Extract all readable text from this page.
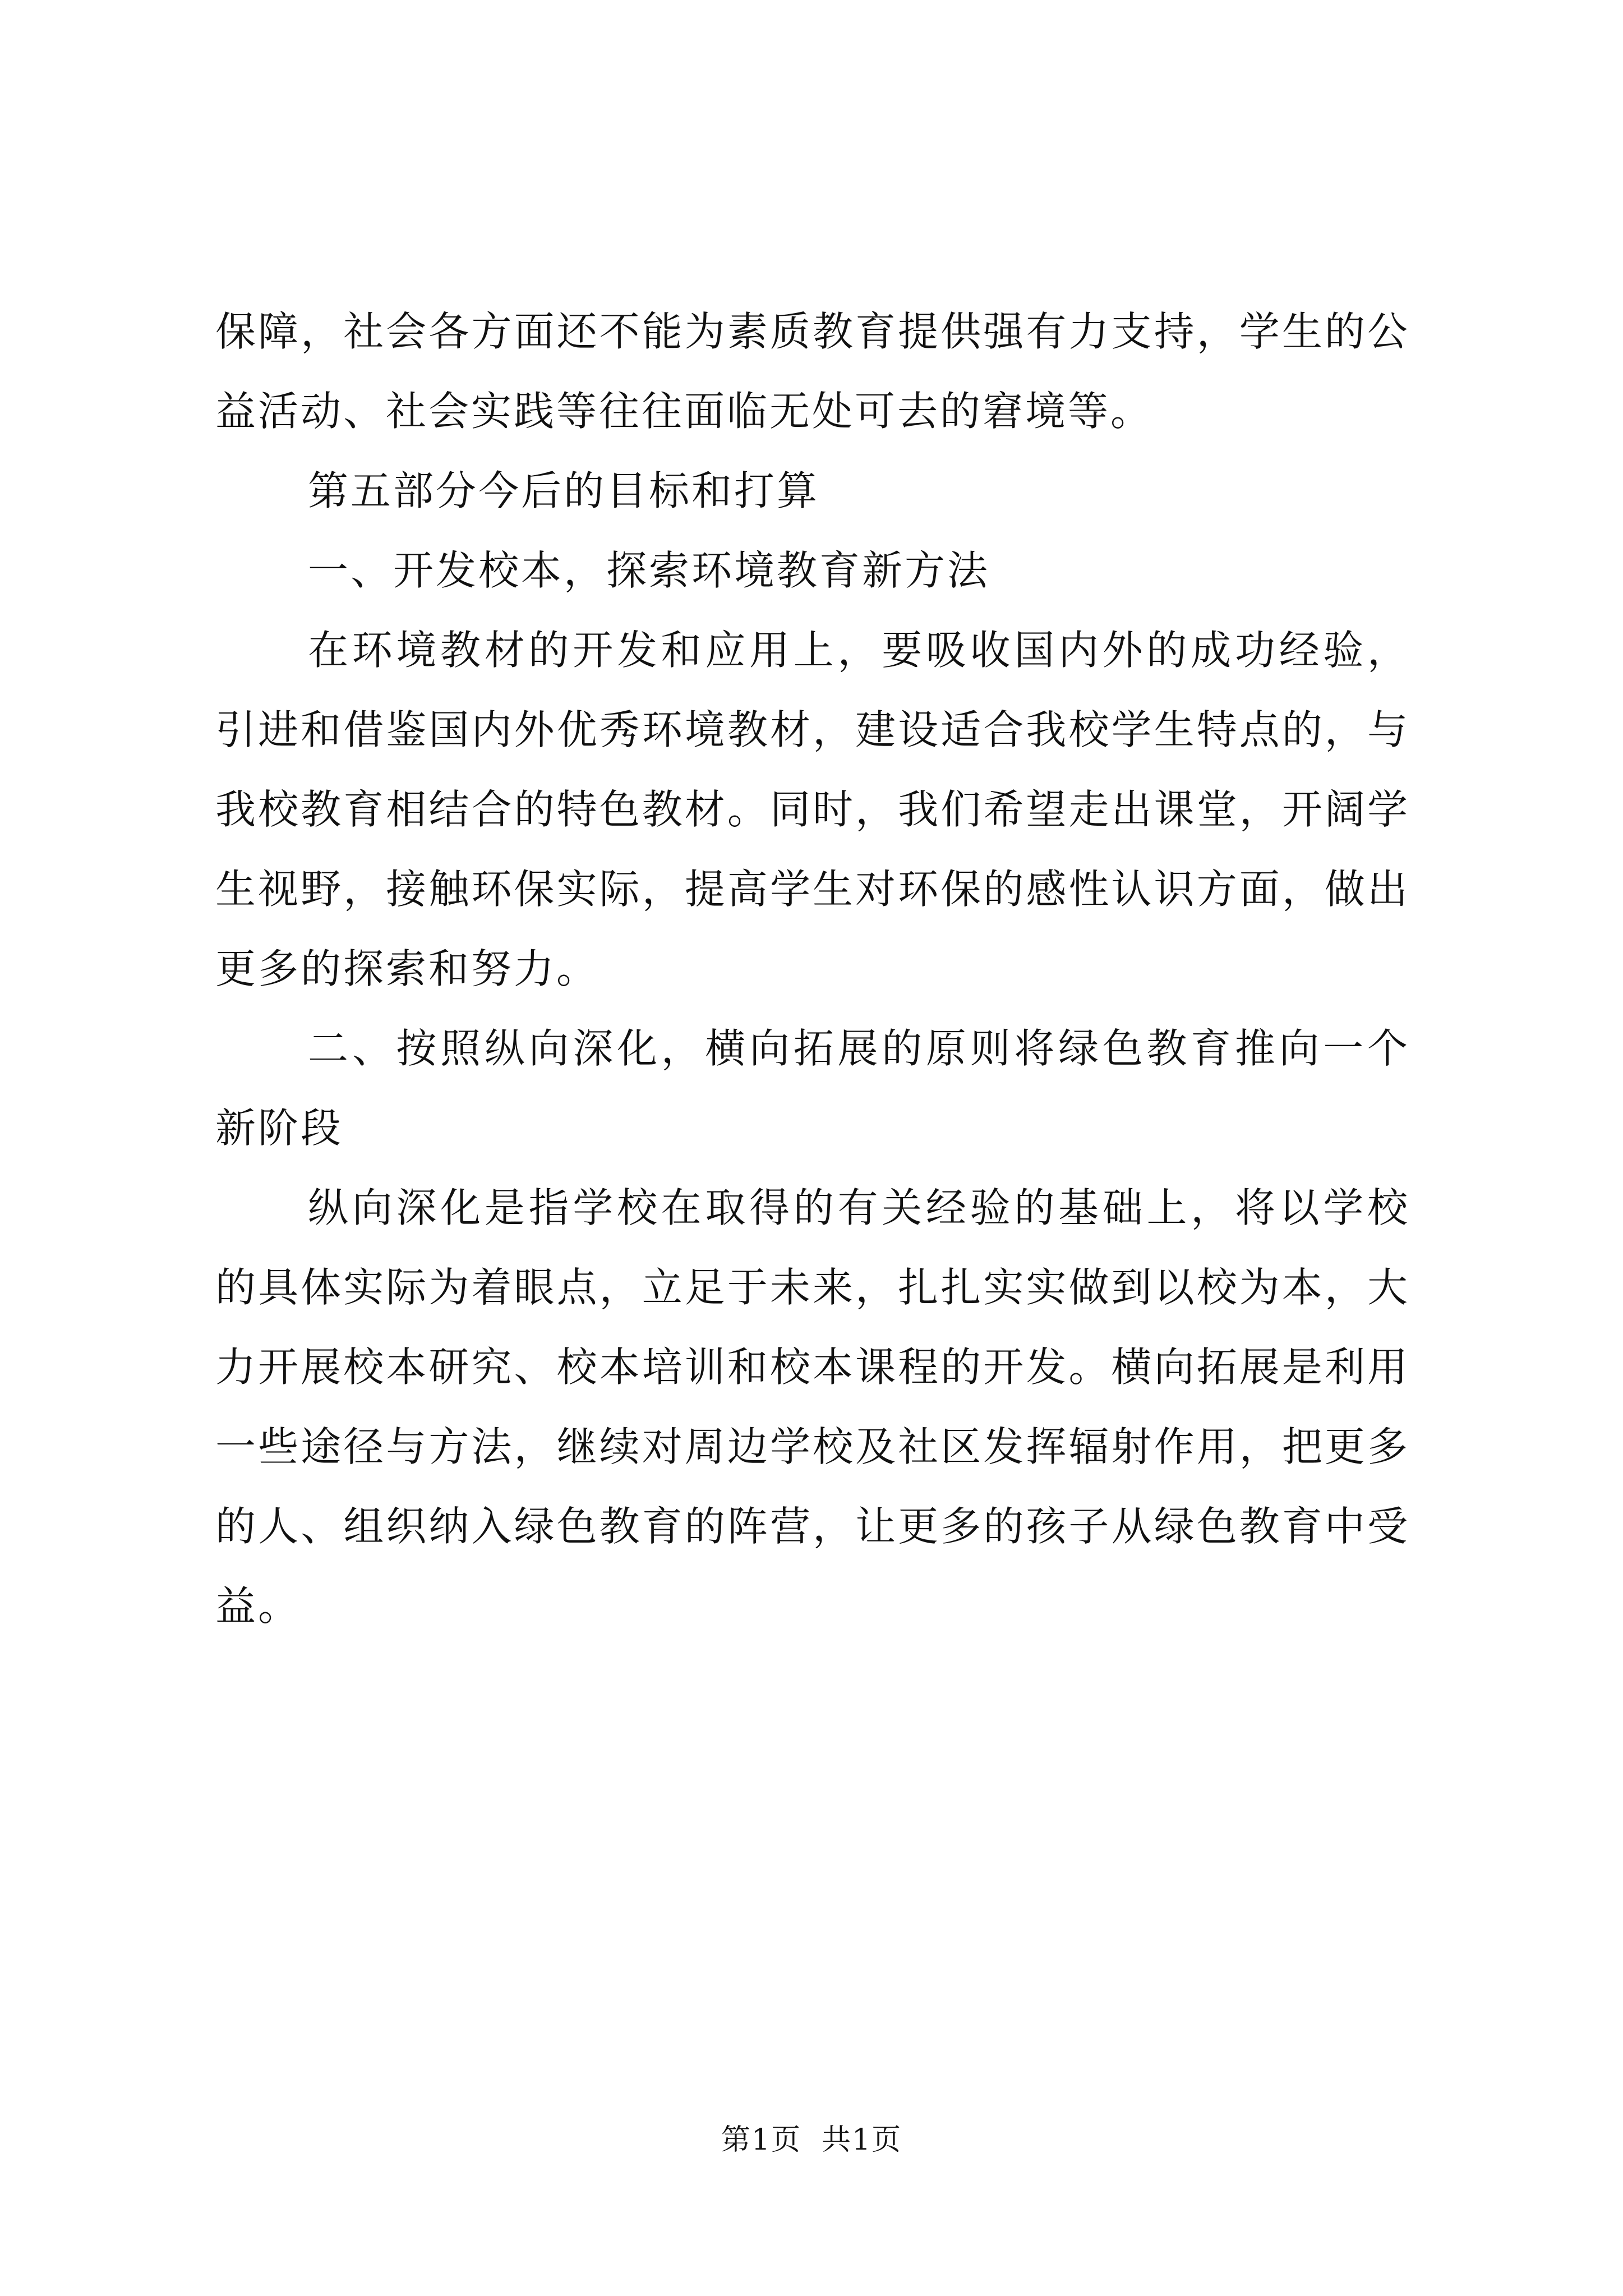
保障，社会各方面还不能为素质教育提供强有力支持，学生的公益活动、社会实践等往往面临无处可去的窘境等。

第五部分今后的目标和打算

一、开发校本，探索环境教育新方法

在环境教材的开发和应用上，要吸收国内外的成功经验，引进和借鉴国内外优秀环境教材，建设适合我校学生特点的，与我校教育相结合的特色教材。同时，我们希望走出课堂，开阔学生视野，接触环保实际，提高学生对环保的感性认识方面，做出更多的探索和努力。

二、按照纵向深化，横向拓展的原则将绿色教育推向一个新阶段

纵向深化是指学校在取得的有关经验的基础上，将以学校的具体实际为着眼点，立足于未来，扎扎实实做到以校为本，大力开展校本研究、校本培训和校本课程的开发。横向拓展是利用一些途径与方法，继续对周边学校及社区发挥辐射作用，把更多的人、组织纳入绿色教育的阵营，让更多的孩子从绿色教育中受益。

第1页 共1页
